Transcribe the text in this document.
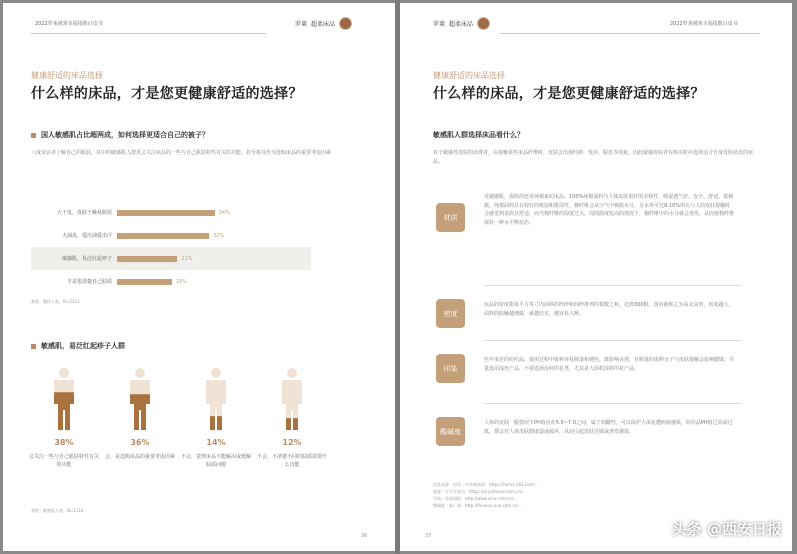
2022罗莱被窝幸福指数白皮书	罗莱 超柔床品
健康舒适的床品选择
什么样的床品，才是您更健康舒适的选择？
国人敏感肌占比超两成，如何选择更适合自己的被子？
八成受访者了解自己的肌肤，其中的敏感肌人群更会关注床品的一些与自己肌肤特性有关的功能，甚至将其作为选购床品的重要考虑因素
大干皮，皮肤干燥易脱屑	34%
大油皮，爱出油爱出汗	32%
敏感肌，易泛红起疹子	21%
不是很清楚自己肤质	19%
基数：整体人数，N=5313
敏感肌，易泛红起疹子人群
38%
会关注一些与自己肌肤特性有关的功能
36%
会，是选购床品的重要考虑因素
14%
不会，觉得床品不能解决或缓解肤质问题
12%
不会，不清楚不同的肤质需要什么功能
基数：敏感肌人数，N=1116
36
罗莱 超柔床品	2022罗莱被窝幸福指数白皮书
健康舒适的床品选择
什么样的床品，才是您更健康舒适的选择？
敏感肌人群选择床品看什么？
对于敏感性皮肤的消费者，在接触某些床品纤维时，皮肤会出现红肿、发痒、脱皮等现象，因此敏感皮肤者在购买时应选择适合自身皮肤状况的床品。
材质
对敏感肌，保险的还是纯棉家纺床品。100%纯棉面料与人体皮肤很好的亲和性，吸湿透气好，安全、舒适、低刺激。纯棉面料具有较好的吸湿和排湿性，棉纤维会从空气中吸收水分，含水率可达8-10%所以与人的皮肤接触时会感觉到柔软且舒适，而当棉纤维的湿度过大，周围温度较高的情况下，棉纤维中的水分就会蒸发，从而使棉纤维保持一种水平衡状态。
密度
床品的密度指每平方英寸内面料的经纱和纬纱排列的根数之和，达到300根，国内就称之为高支高密，密度越大，面料的肤触越细致，就越结实，越容易入睡。
印染
色牢度差的纺织品，使用过程中染料容易脱落和褪色，既影响美观，且脱落的染料分子与皮肤接触会影响健康，尽量选用浅色产品，不要选择涂料印花类，尤其是大面积涂料印花产品。
酸碱度
人体的皮肤一般情况下PH值应在5.5~7.0之间，属于弱酸性，可以保护人体免遭病菌感染，纺织品PH值过高或过低，都会对人体皮肤健康造成破坏，从而引起皮肤过敏或诱发感染。
信息来源：材质 - 中华新闻网：https://home.163.com/...
密度 - 太平洋家居：https://pl.pchouse.com.cn/...
印染 - 华商晨报：http://www.sina.com.cn/...
酸碱度 - 新广网：http://finance.sina.com.cn/...
37	头条 @西安日报
